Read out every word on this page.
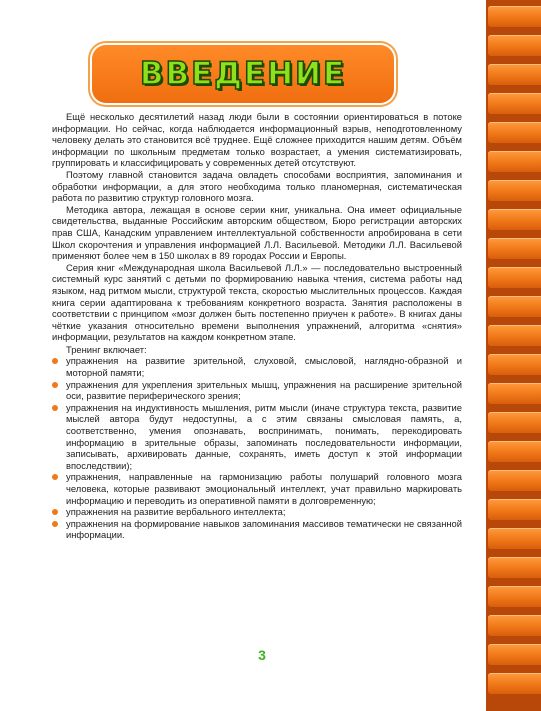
ВВЕДЕНИЕ

Ещё несколько десятилетий назад люди были в состоянии ориентироваться в потоке информации. Но сейчас, когда наблюдается информационный взрыв, неподготовленному человеку делать это становится всё труднее. Ещё сложнее приходится нашим детям. Объём информации по школьным предметам только возрастает, а умения систематизировать, группировать и классифицировать у современных детей отсутствуют.

Поэтому главной становится задача овладеть способами восприятия, запоминания и обработки информации, а для этого необходима только планомерная, систематическая работа по развитию структур головного мозга.

Методика автора, лежащая в основе серии книг, уникальна. Она имеет официальные свидетельства, выданные Российским авторским обществом, Бюро регистрации авторских прав США, Канадским управлением интеллектуальной собственности апробирована в сети Школ скорочтения и управления информацией Л.Л. Васильевой. Методики Л.Л. Васильевой применяют более чем в 150 школах в 89 городах России и Европы.

Серия книг «Международная школа Васильевой Л.Л.» — последовательно выстроенный системный курс занятий с детьми по формированию навыка чтения, система работы над языком, над ритмом мысли, структурой текста, скоростью мыслительных процессов. Каждая книга серии адаптирована к требованиям конкретного возраста. Занятия расположены в соответствии с принципом «мозг должен быть постепенно приучен к работе». В книгах даны чёткие указания относительно времени выполнения упражнений, алгоритма «снятия» информации, результатов на каждом конкретном этапе.

Тренинг включает:

упражнения на развитие зрительной, слуховой, смысловой, наглядно-образной и моторной памяти;
упражнения для укрепления зрительных мышц, упражнения на расширение зрительной оси, развитие периферического зрения;
упражнения на индуктивность мышления, ритм мысли (иначе структура текста, развитие мыслей автора будут недоступны, а с этим связаны смысловая память, а, соответственно, умения опознавать, воспринимать, понимать, перекодировать информацию в зрительные образы, запоминать последовательности информации, записывать, архивировать данные, сохранять, иметь доступ к этой информации впоследствии);
упражнения, направленные на гармонизацию работы полушарий головного мозга человека, которые развивают эмоциональный интеллект, учат правильно маркировать информацию и переводить из оперативной памяти в долговременную;
упражнения на развитие вербального интеллекта;
упражнения на формирование навыков запоминания массивов тематически не связанной информации.
3
